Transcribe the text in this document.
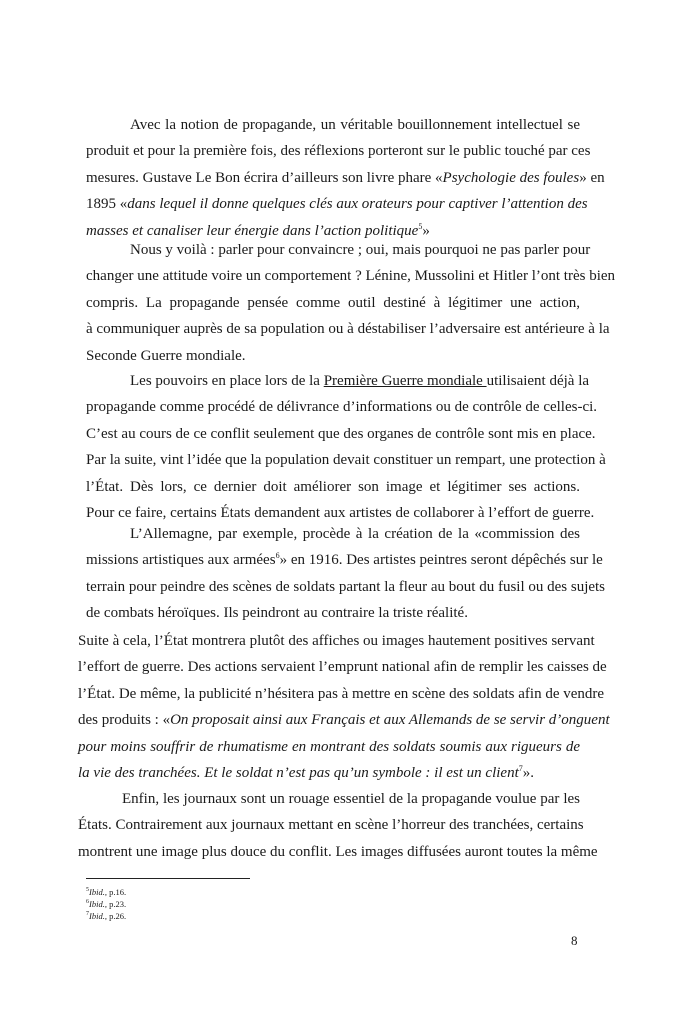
Avec la notion de propagande, un véritable bouillonnement intellectuel se
produit et pour la première fois, des réflexions porteront sur le public touché par ces
mesures. Gustave Le Bon écrira d’ailleurs son livre phare «Psychologie des foules» en
1895 «dans lequel il donne quelques clés aux orateurs pour captiver l’attention des
masses et canaliser leur énergie dans l’action politique$^5$»
Nous y voilà : parler pour convaincre ; oui, mais pourquoi ne pas parler pour
changer une attitude voire un comportement ? Lénine, Mussolini et Hitler l’ont très bien
compris. La propagande pensée comme outil destiné à légitimer une action,
à communiquer auprès de sa population ou à déstabiliser l’adversaire est antérieure à la
Seconde Guerre mondiale.
Les pouvoirs en place lors de la Première Guerre mondiale utilisaient déjà la
propagande comme procédé de délivrance d’informations ou de contrôle de celles-ci.
C’est au cours de ce conflit seulement que des organes de contrôle sont mis en place.
Par la suite, vint l’idée que la population devait constituer un rempart, une protection à
l’État. Dès lors, ce dernier doit améliorer son image et légitimer ses actions.
Pour ce faire, certains États demandent aux artistes de collaborer à l’effort de guerre.
L’Allemagne, par exemple, procède à la création de la «commission des
missions artistiques aux armées$^6$» en 1916. Des artistes peintres seront dépêchés sur le
terrain pour peindre des scènes de soldats partant la fleur au bout du fusil ou des sujets
de combats héroïques. Ils peindront au contraire la triste réalité.
Suite à cela, l’État montrera plutôt des affiches ou images hautement positives servant
l’effort de guerre. Des actions servaient l’emprunt national afin de remplir les caisses de
l’État. De même, la publicité n’hésitera pas à mettre en scène des soldats afin de vendre
des produits : «On proposait ainsi aux Français et aux Allemands de se servir d’onguent
pour moins souffrir de rhumatisme en montrant des soldats soumis aux rigueurs de
la vie des tranchées. Et le soldat n’est pas qu’un symbole : il est un client$^7$».
Enfin, les journaux sont un rouage essentiel de la propagande voulue par les
États. Contrairement aux journaux mettant en scène l’horreur des tranchées, certains
montrent une image plus douce du conflit. Les images diffusées auront toutes la même
$^5$Ibid., p.16.
$^6$Ibid., p.23.
$^7$Ibid., p.26.
8
